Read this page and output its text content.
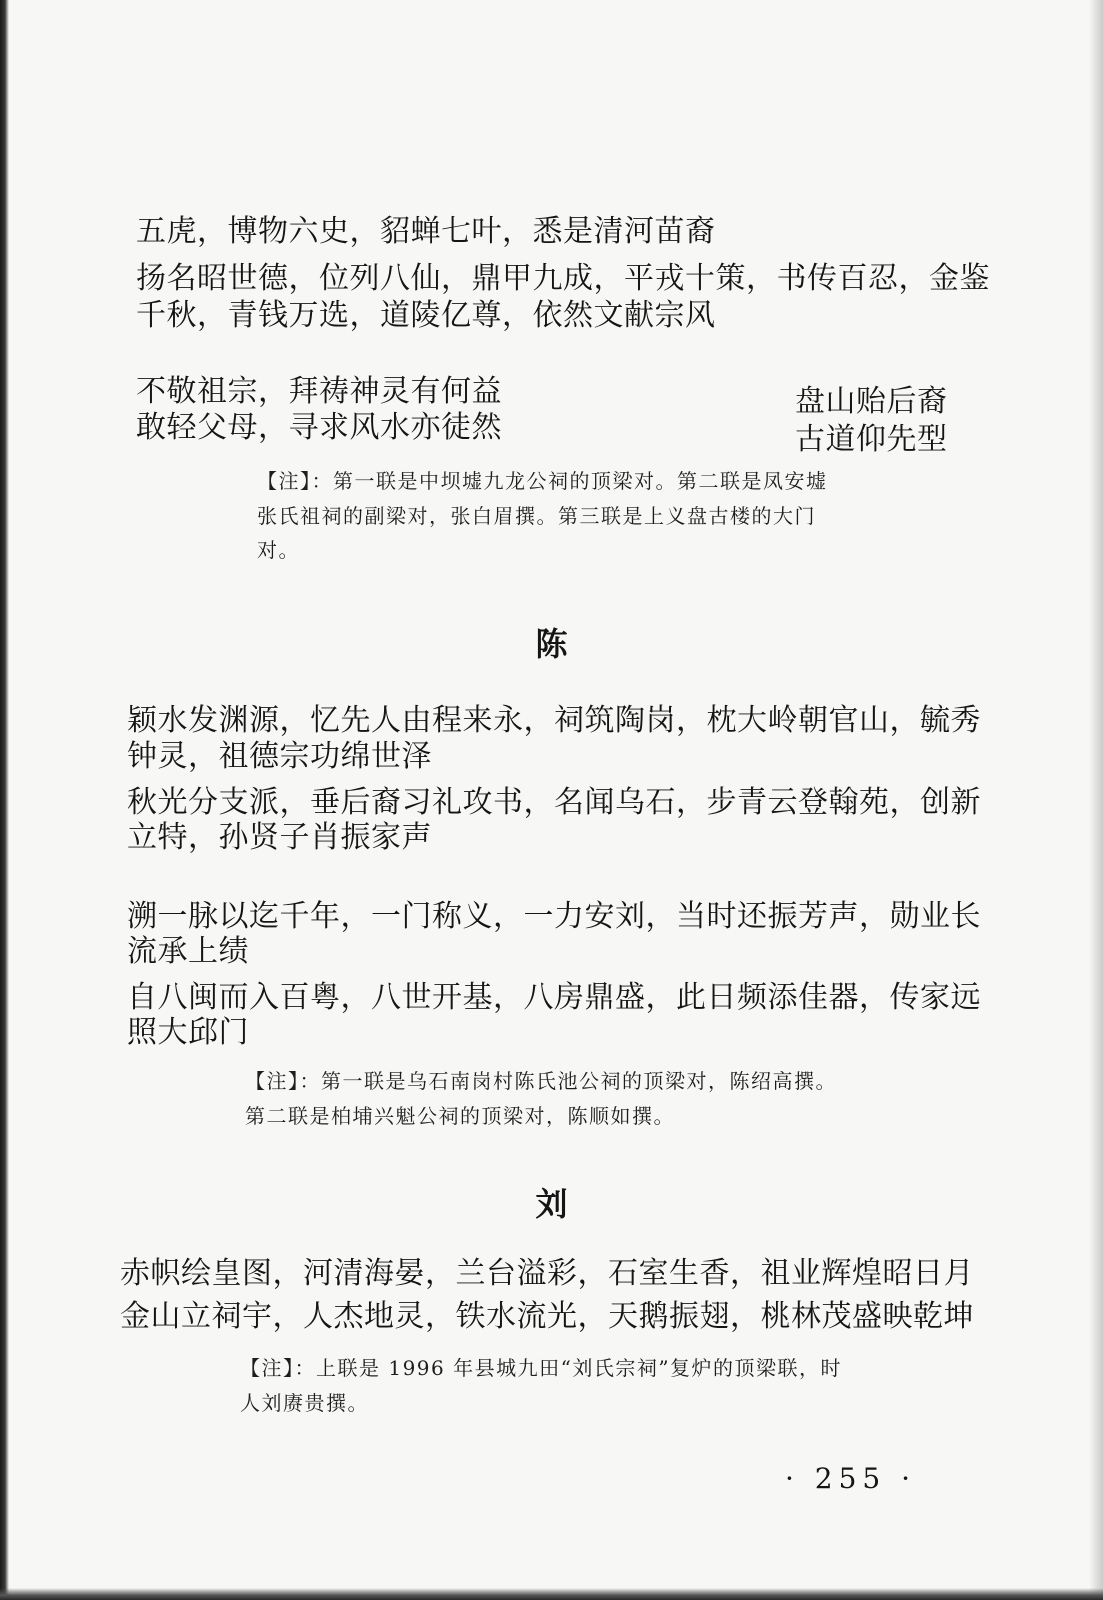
五虎，博物六史，貂蝉七叶，悉是清河苗裔
扬名昭世德，位列八仙，鼎甲九成，平戎十策，书传百忍，金鉴
千秋，青钱万选，道陵亿尊，依然文献宗风
不敬祖宗，拜祷神灵有何益
敢轻父母，寻求风水亦徒然
盘山贻后裔
古道仰先型
【注】：第一联是中坝墟九龙公祠的顶梁对。第二联是凤安墟
张氏祖祠的副梁对，张白眉撰。第三联是上义盘古楼的大门
对。
陈
颖水发渊源，忆先人由程来永，祠筑陶岗，枕大岭朝官山，毓秀
钟灵，祖德宗功绵世泽
秋光分支派，垂后裔习礼攻书，名闻乌石，步青云登翰苑，创新
立特，孙贤子肖振家声
溯一脉以迄千年，一门称义，一力安刘，当时还振芳声，勋业长
流承上绩
自八闽而入百粤，八世开基，八房鼎盛，此日频添佳器，传家远
照大邱门
【注】：第一联是乌石南岗村陈氏池公祠的顶梁对，陈绍高撰。
第二联是柏埔兴魁公祠的顶梁对，陈顺如撰。
刘
赤帜绘皇图，河清海晏，兰台溢彩，石室生香，祖业辉煌昭日月
金山立祠宇，人杰地灵，铁水流光，天鹅振翅，桃林茂盛映乾坤
【注】：上联是 1996 年县城九田“刘氏宗祠”复炉的顶梁联，时
人刘赓贵撰。
· 255 ·
